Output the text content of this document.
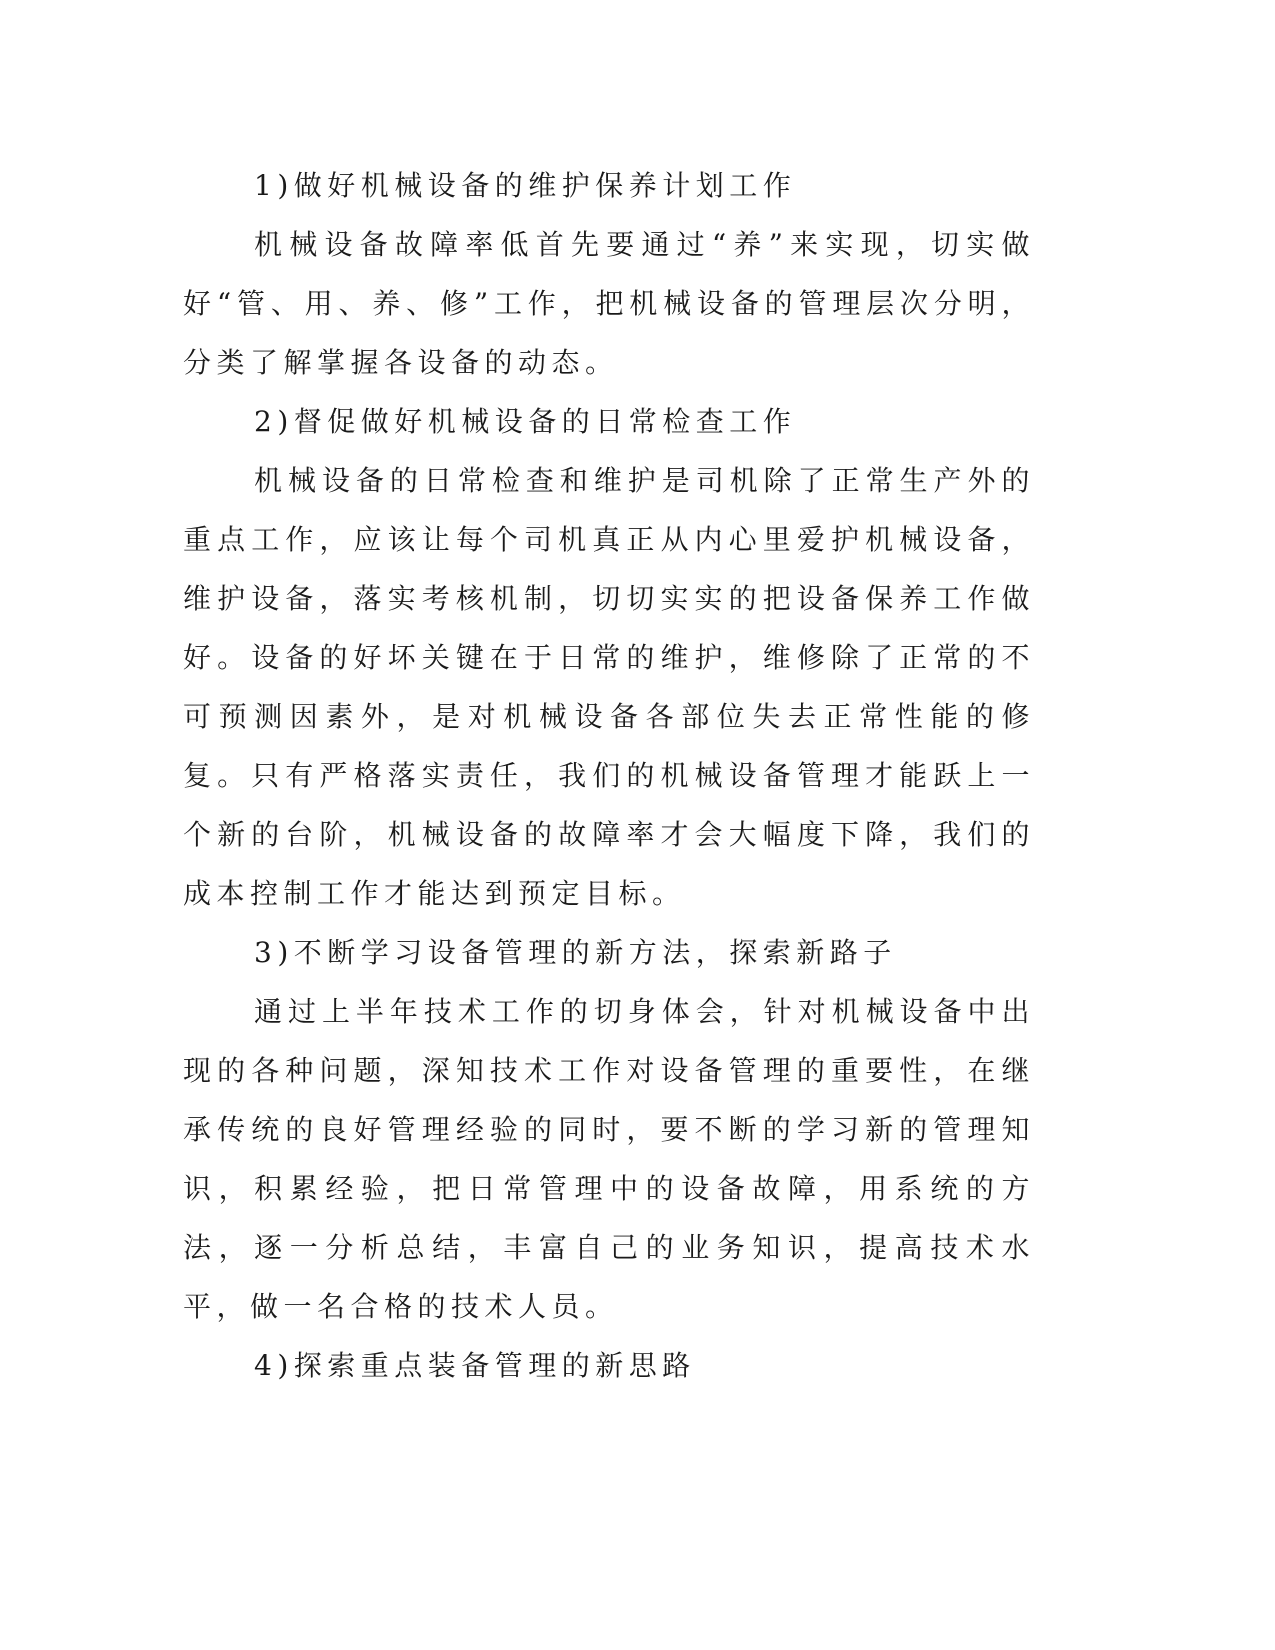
1)做好机械设备的维护保养计划工作

机械设备故障率低首先要通过“养”来实现，切实做好“管、用、养、修”工作，把机械设备的管理层次分明，分类了解掌握各设备的动态。

2)督促做好机械设备的日常检查工作

机械设备的日常检查和维护是司机除了正常生产外的重点工作，应该让每个司机真正从内心里爱护机械设备，维护设备，落实考核机制，切切实实的把设备保养工作做好。设备的好坏关键在于日常的维护，维修除了正常的不可预测因素外，是对机械设备各部位失去正常性能的修复。只有严格落实责任，我们的机械设备管理才能跃上一个新的台阶，机械设备的故障率才会大幅度下降，我们的成本控制工作才能达到预定目标。

3)不断学习设备管理的新方法，探索新路子

通过上半年技术工作的切身体会，针对机械设备中出现的各种问题，深知技术工作对设备管理的重要性，在继承传统的良好管理经验的同时，要不断的学习新的管理知识，积累经验，把日常管理中的设备故障，用系统的方法，逐一分析总结，丰富自己的业务知识，提高技术水平，做一名合格的技术人员。

4)探索重点装备管理的新思路
